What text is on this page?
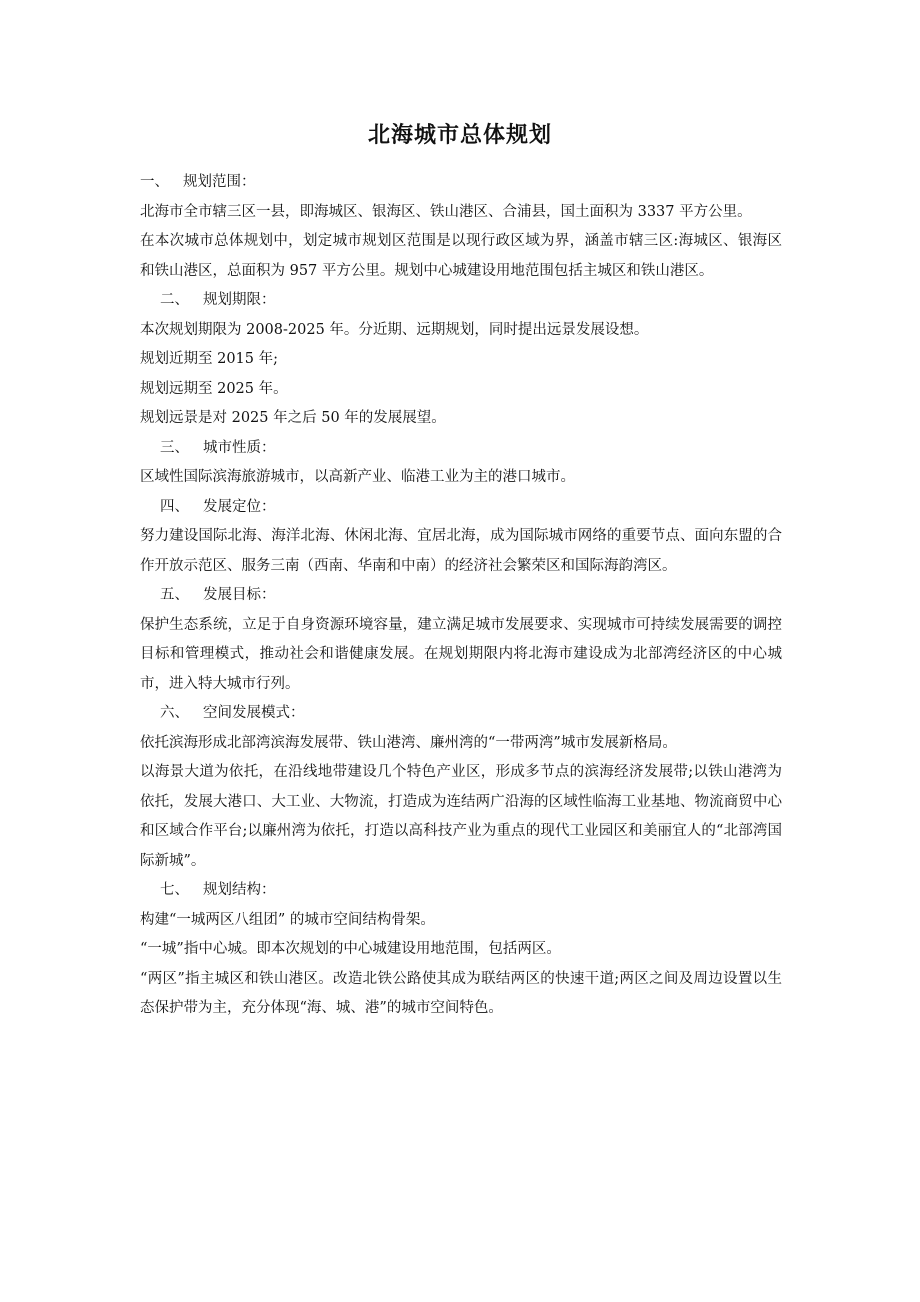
北海城市总体规划
一、 规划范围：

北海市全市辖三区一县，即海城区、银海区、铁山港区、合浦县，国土面积为 3337 平方公里。

在本次城市总体规划中，划定城市规划区范围是以现行政区域为界，涵盖市辖三区:海城区、银海区和铁山港区，总面积为 957 平方公里。规划中心城建设用地范围包括主城区和铁山港区。

二、 规划期限：

本次规划期限为 2008-2025 年。分近期、远期规划，同时提出远景发展设想。

规划近期至 2015 年;

规划远期至 2025 年。

规划远景是对 2025 年之后 50 年的发展展望。

三、 城市性质：

区域性国际滨海旅游城市，以高新产业、临港工业为主的港口城市。

四、 发展定位：

努力建设国际北海、海洋北海、休闲北海、宜居北海，成为国际城市网络的重要节点、面向东盟的合作开放示范区、服务三南（西南、华南和中南）的经济社会繁荣区和国际海韵湾区。

五、 发展目标：

保护生态系统，立足于自身资源环境容量，建立满足城市发展要求、实现城市可持续发展需要的调控目标和管理模式，推动社会和谐健康发展。在规划期限内将北海市建设成为北部湾经济区的中心城市，进入特大城市行列。

六、 空间发展模式：

依托滨海形成北部湾滨海发展带、铁山港湾、廉州湾的“一带两湾”城市发展新格局。

以海景大道为依托，在沿线地带建设几个特色产业区，形成多节点的滨海经济发展带;以铁山港湾为依托，发展大港口、大工业、大物流，打造成为连结两广沿海的区域性临海工业基地、物流商贸中心和区域合作平台;以廉州湾为依托，打造以高科技产业为重点的现代工业园区和美丽宜人的“北部湾国际新城”。

七、 规划结构：

构建“一城两区八组团” 的城市空间结构骨架。

“一城”指中心城。即本次规划的中心城建设用地范围，包括两区。

“两区”指主城区和铁山港区。改造北铁公路使其成为联结两区的快速干道;两区之间及周边设置以生态保护带为主，充分体现“海、城、港”的城市空间特色。
